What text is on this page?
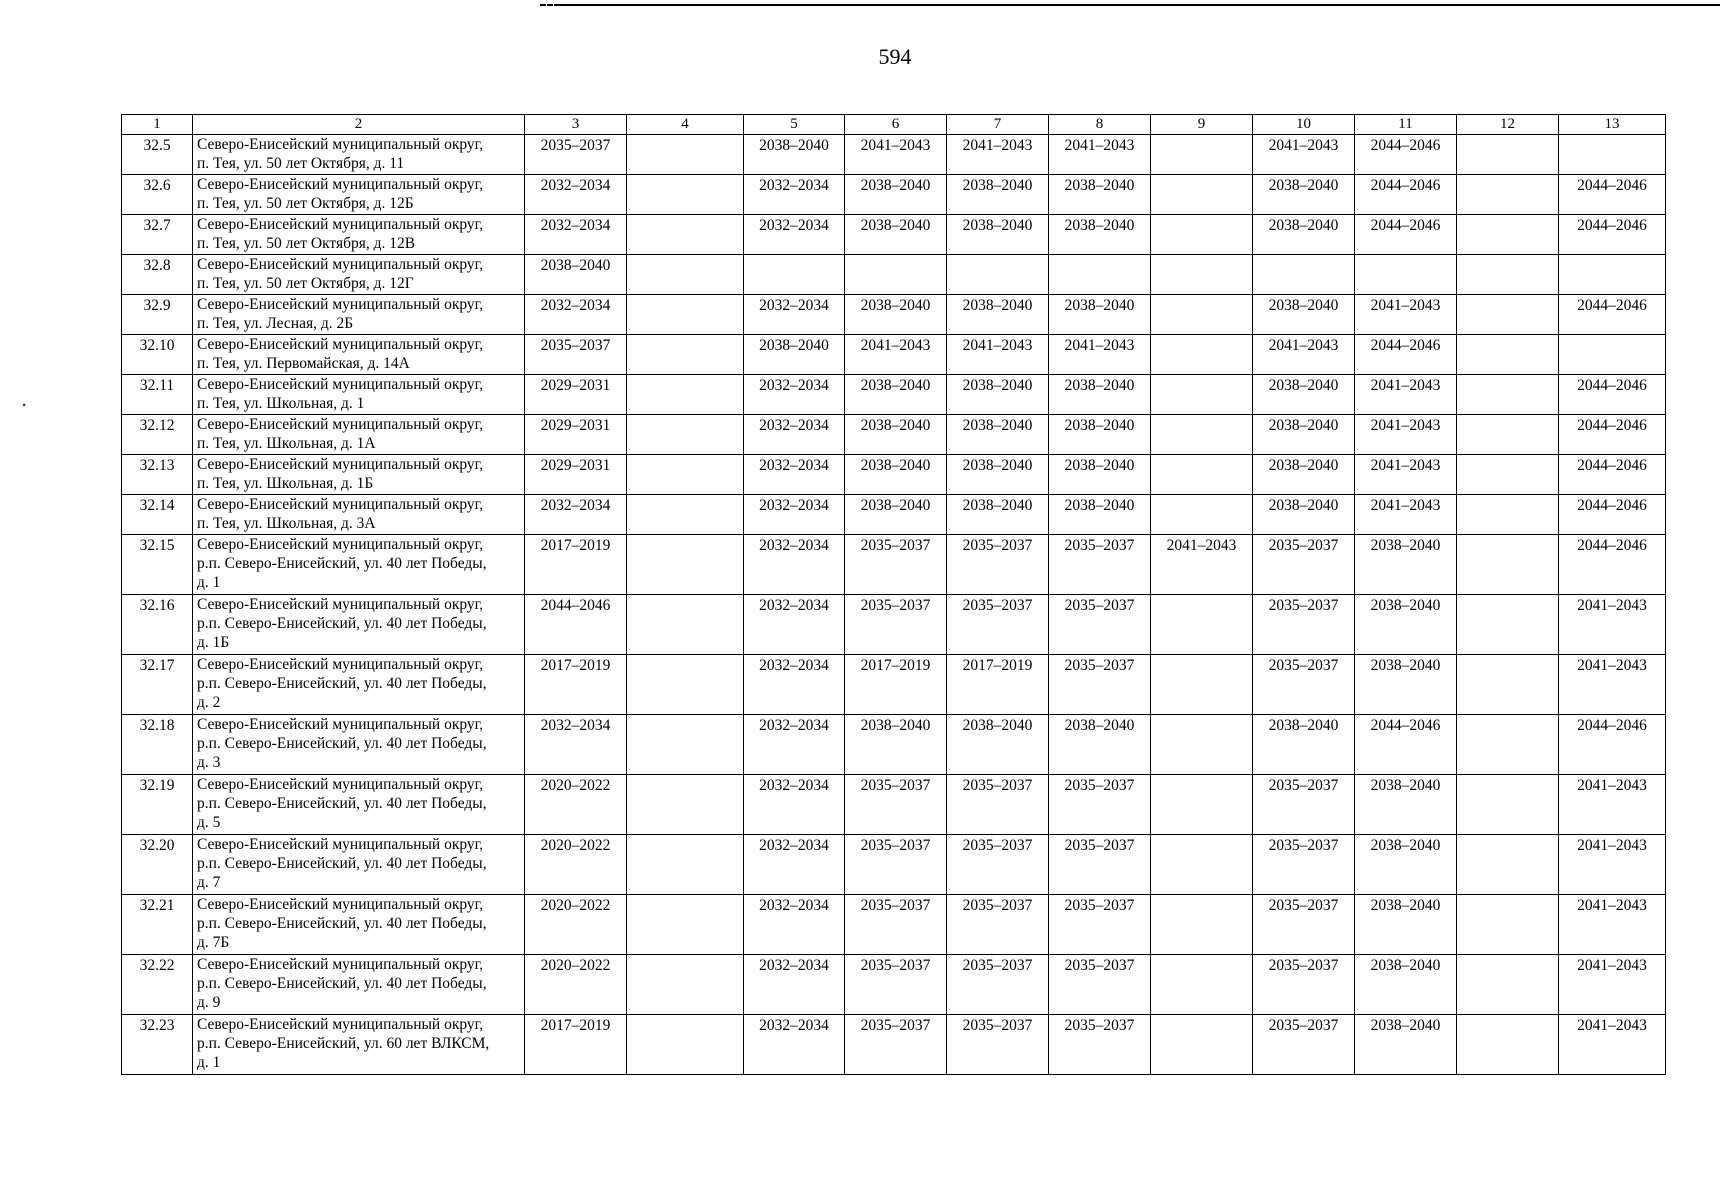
594
1	2	3	4	5	6	7	8	9	10	11	12	13
32.5	Северо-Енисейский муниципальный округ,
п. Тея, ул. 50 лет Октября, д. 11	2035–2037		2038–2040	2041–2043	2041–2043	2041–2043		2041–2043	2044–2046		
32.6	Северо-Енисейский муниципальный округ,
п. Тея, ул. 50 лет Октября, д. 12Б	2032–2034		2032–2034	2038–2040	2038–2040	2038–2040		2038–2040	2044–2046		2044–2046
32.7	Северо-Енисейский муниципальный округ,
п. Тея, ул. 50 лет Октября, д. 12В	2032–2034		2032–2034	2038–2040	2038–2040	2038–2040		2038–2040	2044–2046		2044–2046
32.8	Северо-Енисейский муниципальный округ,
п. Тея, ул. 50 лет Октября, д. 12Г	2038–2040										
32.9	Северо-Енисейский муниципальный округ,
п. Тея, ул. Лесная, д. 2Б	2032–2034		2032–2034	2038–2040	2038–2040	2038–2040		2038–2040	2041–2043		2044–2046
32.10	Северо-Енисейский муниципальный округ,
п. Тея, ул. Первомайская, д. 14А	2035–2037		2038–2040	2041–2043	2041–2043	2041–2043		2041–2043	2044–2046		
32.11	Северо-Енисейский муниципальный округ,
п. Тея, ул. Школьная, д. 1	2029–2031		2032–2034	2038–2040	2038–2040	2038–2040		2038–2040	2041–2043		2044–2046
32.12	Северо-Енисейский муниципальный округ,
п. Тея, ул. Школьная, д. 1А	2029–2031		2032–2034	2038–2040	2038–2040	2038–2040		2038–2040	2041–2043		2044–2046
32.13	Северо-Енисейский муниципальный округ,
п. Тея, ул. Школьная, д. 1Б	2029–2031		2032–2034	2038–2040	2038–2040	2038–2040		2038–2040	2041–2043		2044–2046
32.14	Северо-Енисейский муниципальный округ,
п. Тея, ул. Школьная, д. 3А	2032–2034		2032–2034	2038–2040	2038–2040	2038–2040		2038–2040	2041–2043		2044–2046
32.15	Северо-Енисейский муниципальный округ,
р.п. Северо-Енисейский, ул. 40 лет Победы,
д. 1	2017–2019		2032–2034	2035–2037	2035–2037	2035–2037	2041–2043	2035–2037	2038–2040		2044–2046
32.16	Северо-Енисейский муниципальный округ,
р.п. Северо-Енисейский, ул. 40 лет Победы,
д. 1Б	2044–2046		2032–2034	2035–2037	2035–2037	2035–2037		2035–2037	2038–2040		2041–2043
32.17	Северо-Енисейский муниципальный округ,
р.п. Северо-Енисейский, ул. 40 лет Победы,
д. 2	2017–2019		2032–2034	2017–2019	2017–2019	2035–2037		2035–2037	2038–2040		2041–2043
32.18	Северо-Енисейский муниципальный округ,
р.п. Северо-Енисейский, ул. 40 лет Победы,
д. 3	2032–2034		2032–2034	2038–2040	2038–2040	2038–2040		2038–2040	2044–2046		2044–2046
32.19	Северо-Енисейский муниципальный округ,
р.п. Северо-Енисейский, ул. 40 лет Победы,
д. 5	2020–2022		2032–2034	2035–2037	2035–2037	2035–2037		2035–2037	2038–2040		2041–2043
32.20	Северо-Енисейский муниципальный округ,
р.п. Северо-Енисейский, ул. 40 лет Победы,
д. 7	2020–2022		2032–2034	2035–2037	2035–2037	2035–2037		2035–2037	2038–2040		2041–2043
32.21	Северо-Енисейский муниципальный округ,
р.п. Северо-Енисейский, ул. 40 лет Победы,
д. 7Б	2020–2022		2032–2034	2035–2037	2035–2037	2035–2037		2035–2037	2038–2040		2041–2043
32.22	Северо-Енисейский муниципальный округ,
р.п. Северо-Енисейский, ул. 40 лет Победы,
д. 9	2020–2022		2032–2034	2035–2037	2035–2037	2035–2037		2035–2037	2038–2040		2041–2043
32.23	Северо-Енисейский муниципальный округ,
р.п. Северо-Енисейский, ул. 60 лет ВЛКСМ,
д. 1	2017–2019		2032–2034	2035–2037	2035–2037	2035–2037		2035–2037	2038–2040		2041–2043
•
